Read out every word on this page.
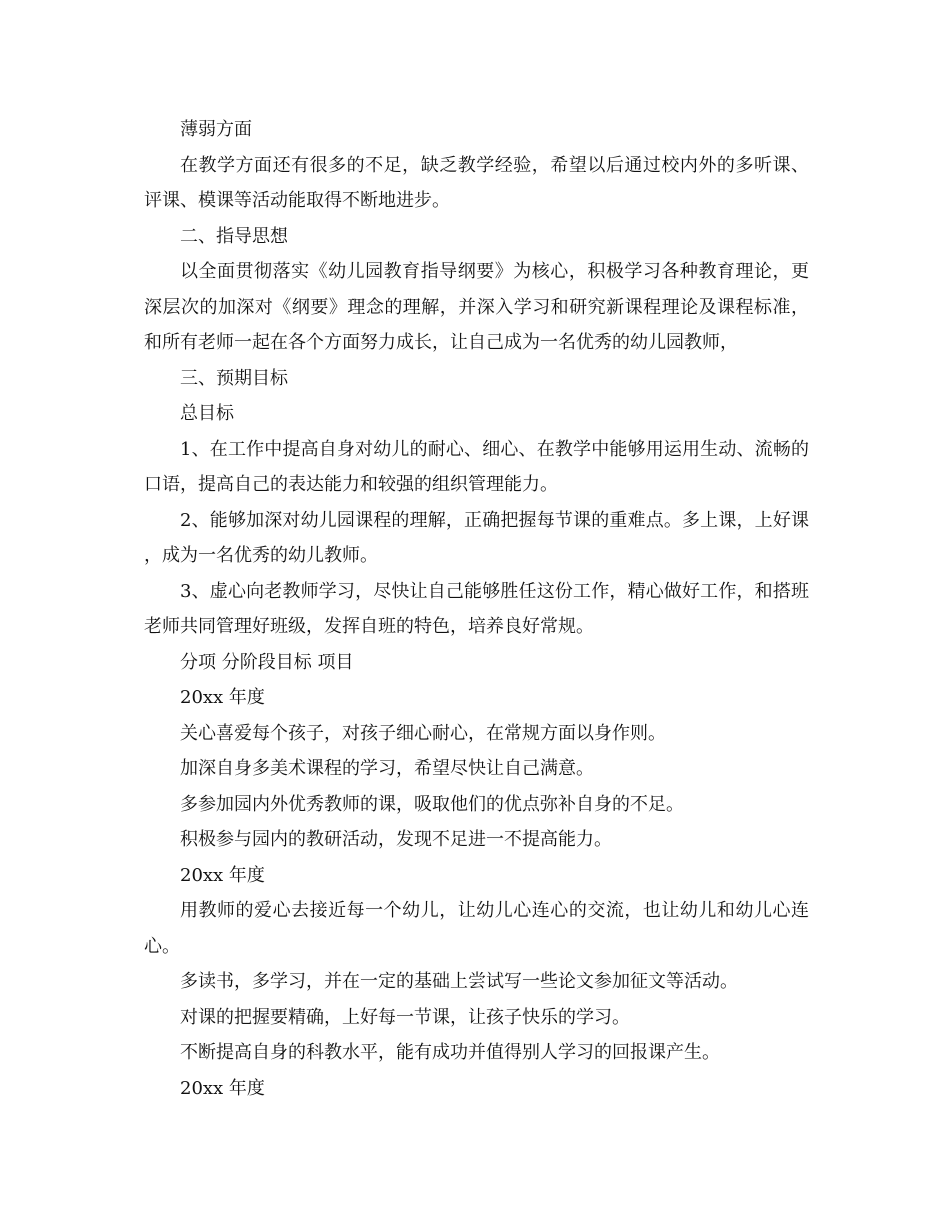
薄弱方面

在教学方面还有很多的不足，缺乏教学经验，希望以后通过校内外的多听课、评课、模课等活动能取得不断地进步。

二、指导思想

以全面贯彻落实《幼儿园教育指导纲要》为核心，积极学习各种教育理论，更深层次的加深对《纲要》理念的理解，并深入学习和研究新课程理论及课程标准，和所有老师一起在各个方面努力成长，让自己成为一名优秀的幼儿园教师，

三、预期目标

总目标

1、在工作中提高自身对幼儿的耐心、细心、在教学中能够用运用生动、流畅的口语，提高自己的表达能力和较强的组织管理能力。

2、能够加深对幼儿园课程的理解，正确把握每节课的重难点。多上课，上好课，成为一名优秀的幼儿教师。

3、虚心向老教师学习，尽快让自己能够胜任这份工作，精心做好工作，和搭班老师共同管理好班级，发挥自班的特色，培养良好常规。

分项 分阶段目标 项目

20xx 年度

关心喜爱每个孩子，对孩子细心耐心，在常规方面以身作则。

加深自身多美术课程的学习，希望尽快让自己满意。

多参加园内外优秀教师的课，吸取他们的优点弥补自身的不足。

积极参与园内的教研活动，发现不足进一不提高能力。

20xx 年度

用教师的爱心去接近每一个幼儿，让幼儿心连心的交流，也让幼儿和幼儿心连心。

多读书，多学习，并在一定的基础上尝试写一些论文参加征文等活动。

对课的把握要精确，上好每一节课，让孩子快乐的学习。

不断提高自身的科教水平，能有成功并值得别人学习的回报课产生。

20xx 年度
